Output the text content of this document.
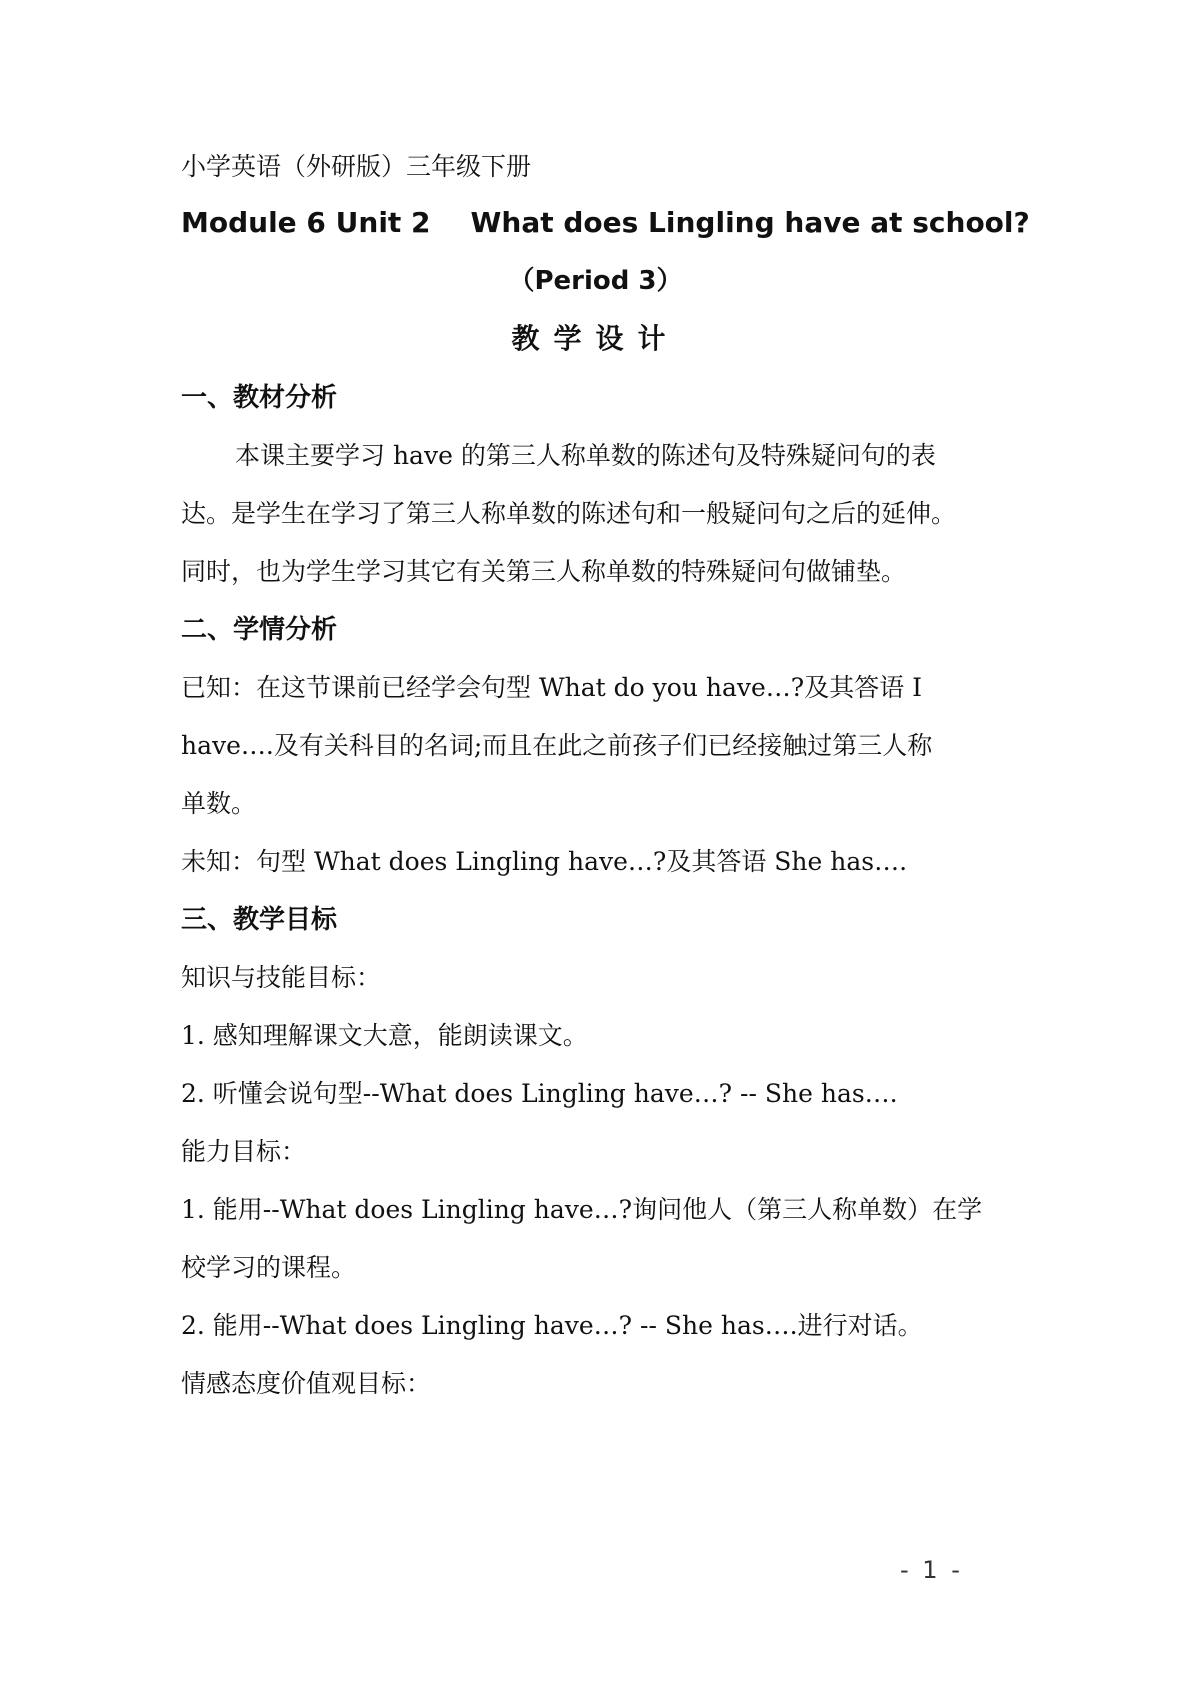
小学英语（外研版）三年级下册
Module 6 Unit 2 What does Lingling have at school?
（Period 3）
教学设计
一、教材分析
本课主要学习 have 的第三人称单数的陈述句及特殊疑问句的表
达。是学生在学习了第三人称单数的陈述句和一般疑问句之后的延伸。
同时，也为学生学习其它有关第三人称单数的特殊疑问句做铺垫。
二、学情分析
已知：在这节课前已经学会句型 What do you have…?及其答语 I
have….及有关科目的名词;而且在此之前孩子们已经接触过第三人称
单数。
未知：句型 What does Lingling have…?及其答语 She has….
三、教学目标
知识与技能目标：
1. 感知理解课文大意，能朗读课文。
2. 听懂会说句型--What does Lingling have…? -- She has….
能力目标：
1. 能用--What does Lingling have…?询问他人（第三人称单数）在学
校学习的课程。
2. 能用--What does Lingling have…? -- She has….进行对话。
情感态度价值观目标：
- 1 -
